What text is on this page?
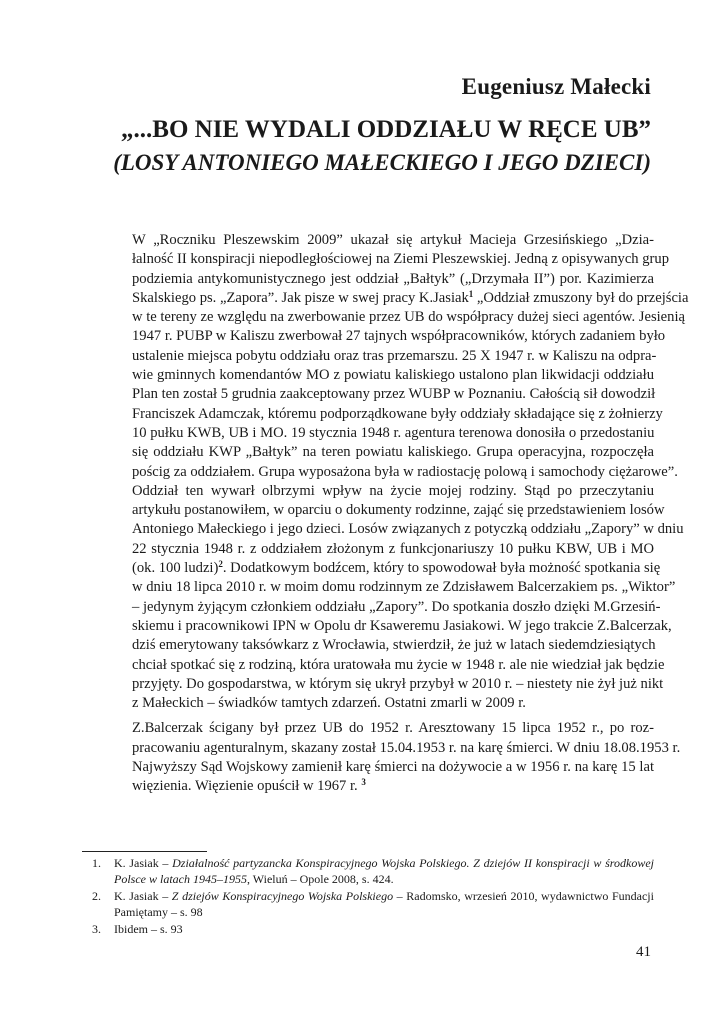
Eugeniusz Małecki
„...BO NIE WYDALI ODDZIAŁU W RĘCE UB”
(LOSY ANTONIEGO MAŁECKIEGO I JEGO DZIECI)

W „Roczniku Pleszewskim 2009” ukazał się artykuł Macieja Grzesińskiego „Dzia-
łalność II konspiracji niepodległościowej na Ziemi Pleszewskiej. Jedną z opisywanych grup
podziemia antykomunistycznego jest oddział „Bałtyk” („Drzymała II”) por. Kazimierza
Skalskiego ps. „Zapora”. Jak pisze w swej pracy K.Jasiak$^1$ „Oddział zmuszony był do przejścia
w te tereny ze względu na zwerbowanie przez UB do współpracy dużej sieci agentów. Jesienią
1947 r. PUBP w Kaliszu zwerbował 27 tajnych współpracowników, których zadaniem było
ustalenie miejsca pobytu oddziału oraz tras przemarszu. 25 X 1947 r. w Kaliszu na odpra-
wie gminnych komendantów MO z powiatu kaliskiego ustalono plan likwidacji oddziału
Plan ten został 5 grudnia zaakceptowany przez WUBP w Poznaniu. Całością sił dowodził
Franciszek Adamczak, któremu podporządkowane były oddziały składające się z żołnierzy
10 pułku KWB, UB i MO. 19 stycznia 1948 r. agentura terenowa donosiła o przedostaniu
się oddziału KWP „Bałtyk” na teren powiatu kaliskiego. Grupa operacyjna, rozpoczęła
pościg za oddziałem. Grupa wyposażona była w radiostację polową i samochody ciężarowe”.

Oddział ten wywarł olbrzymi wpływ na życie mojej rodziny. Stąd po przeczytaniu
artykułu postanowiłem, w oparciu o dokumenty rodzinne, zająć się przedstawieniem losów
Antoniego Małeckiego i jego dzieci. Losów związanych z potyczką oddziału „Zapory” w dniu
22 stycznia 1948 r. z oddziałem złożonym z funkcjonariuszy 10 pułku KBW, UB i MO
(ok. 100 ludzi)$^2$. Dodatkowym bodźcem, który to spowodował była możność spotkania się
w dniu 18 lipca 2010 r. w moim domu rodzinnym ze Zdzisławem Balcerzakiem ps. „Wiktor”
– jedynym żyjącym członkiem oddziału „Zapory”. Do spotkania doszło dzięki M.Grzesiń-
skiemu i pracownikowi IPN w Opolu dr Ksaweremu Jasiakowi. W jego trakcie Z.Balcerzak,
dziś emerytowany taksówkarz z Wrocławia, stwierdził, że już w latach siedemdziesiątych
chciał spotkać się z rodziną, która uratowała mu życie w 1948 r. ale nie wiedział jak będzie
przyjęty. Do gospodarstwa, w którym się ukrył przybył w 2010 r. – niestety nie żył już nikt
z Małeckich – świadków tamtych zdarzeń. Ostatni zmarli w 2009 r.

Z.Balcerzak ścigany był przez UB do 1952 r. Aresztowany 15 lipca 1952 r., po roz-
pracowaniu agenturalnym, skazany został 15.04.1953 r. na karę śmierci. W dniu 18.08.1953 r.
Najwyższy Sąd Wojskowy zamienił karę śmierci na dożywocie a w 1956 r. na karę 15 lat
więzienia. Więzienie opuścił w 1967 r. $^3$

1.	K. Jasiak – Działalność partyzancka Konspiracyjnego Wojska Polskiego. Z dziejów II konspiracji w środkowej Polsce w latach 1945–1955, Wieluń – Opole 2008, s. 424.
2.	K. Jasiak – Z dziejów Konspiracyjnego Wojska Polskiego – Radomsko, wrzesień 2010, wydawnictwo Fundacji Pamiętamy – s. 98
3.	Ibidem – s. 93
41
